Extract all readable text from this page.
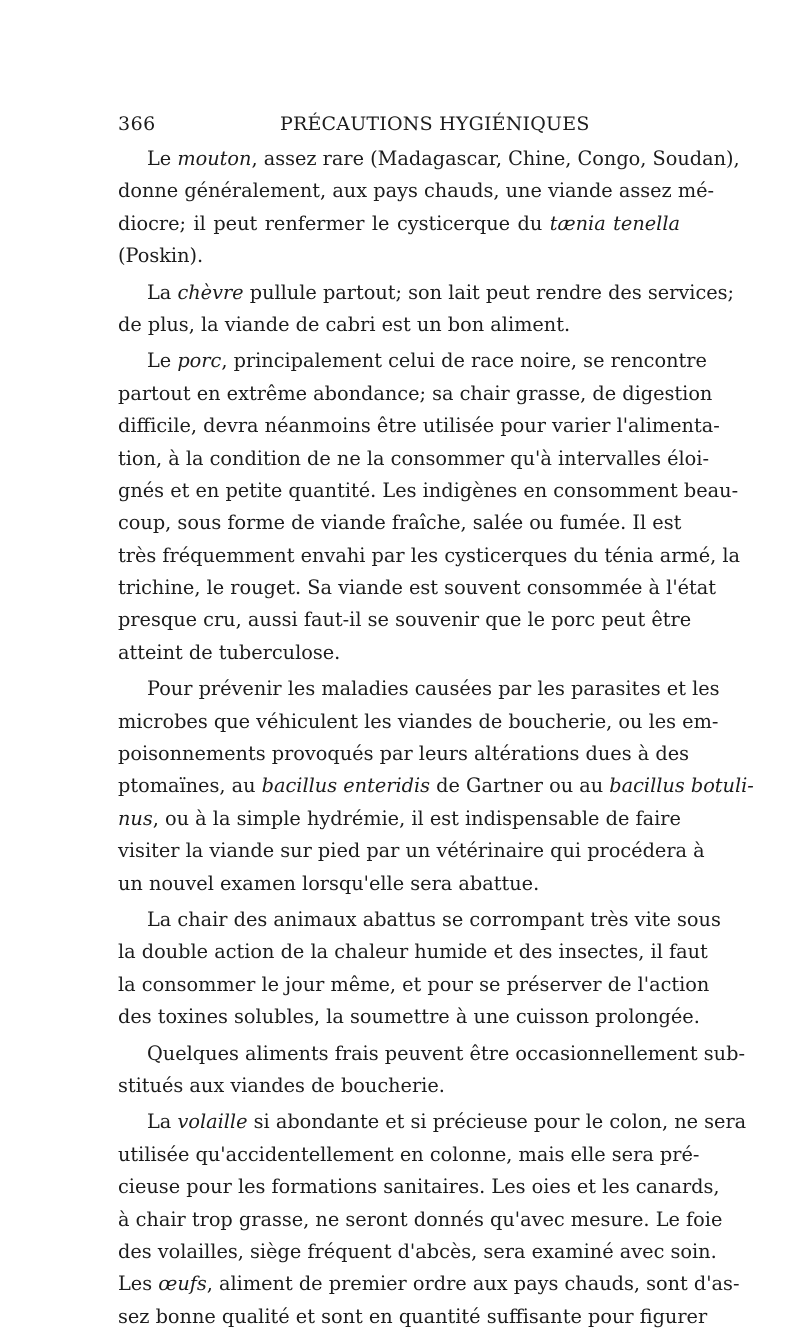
366	PRÉCAUTIONS HYGIÉNIQUES
Le mouton, assez rare (Madagascar, Chine, Congo, Soudan),
donne généralement, aux pays chauds, une viande assez mé-
diocre; il peut renfermer le cysticerque du tænia tenella
(Poskin).
La chèvre pullule partout; son lait peut rendre des services;
de plus, la viande de cabri est un bon aliment.
Le porc, principalement celui de race noire, se rencontre
partout en extrême abondance; sa chair grasse, de digestion
difficile, devra néanmoins être utilisée pour varier l'alimenta-
tion, à la condition de ne la consommer qu'à intervalles éloi-
gnés et en petite quantité. Les indigènes en consomment beau-
coup, sous forme de viande fraîche, salée ou fumée. Il est
très fréquemment envahi par les cysticerques du ténia armé, la
trichine, le rouget. Sa viande est souvent consommée à l'état
presque cru, aussi faut-il se souvenir que le porc peut être
atteint de tuberculose.
Pour prévenir les maladies causées par les parasites et les
microbes que véhiculent les viandes de boucherie, ou les em-
poisonnements provoqués par leurs altérations dues à des
ptomaïnes, au bacillus enteridis de Gartner ou au bacillus botuli-
nus, ou à la simple hydrémie, il est indispensable de faire
visiter la viande sur pied par un vétérinaire qui procédera à
un nouvel examen lorsqu'elle sera abattue.
La chair des animaux abattus se corrompant très vite sous
la double action de la chaleur humide et des insectes, il faut
la consommer le jour même, et pour se préserver de l'action
des toxines solubles, la soumettre à une cuisson prolongée.
Quelques aliments frais peuvent être occasionnellement sub-
stitués aux viandes de boucherie.
La volaille si abondante et si précieuse pour le colon, ne sera
utilisée qu'accidentellement en colonne, mais elle sera pré-
cieuse pour les formations sanitaires. Les oies et les canards,
à chair trop grasse, ne seront donnés qu'avec mesure. Le foie
des volailles, siège fréquent d'abcès, sera examiné avec soin.
Les œufs, aliment de premier ordre aux pays chauds, sont d'as-
sez bonne qualité et sont en quantité suffisante pour figurer
